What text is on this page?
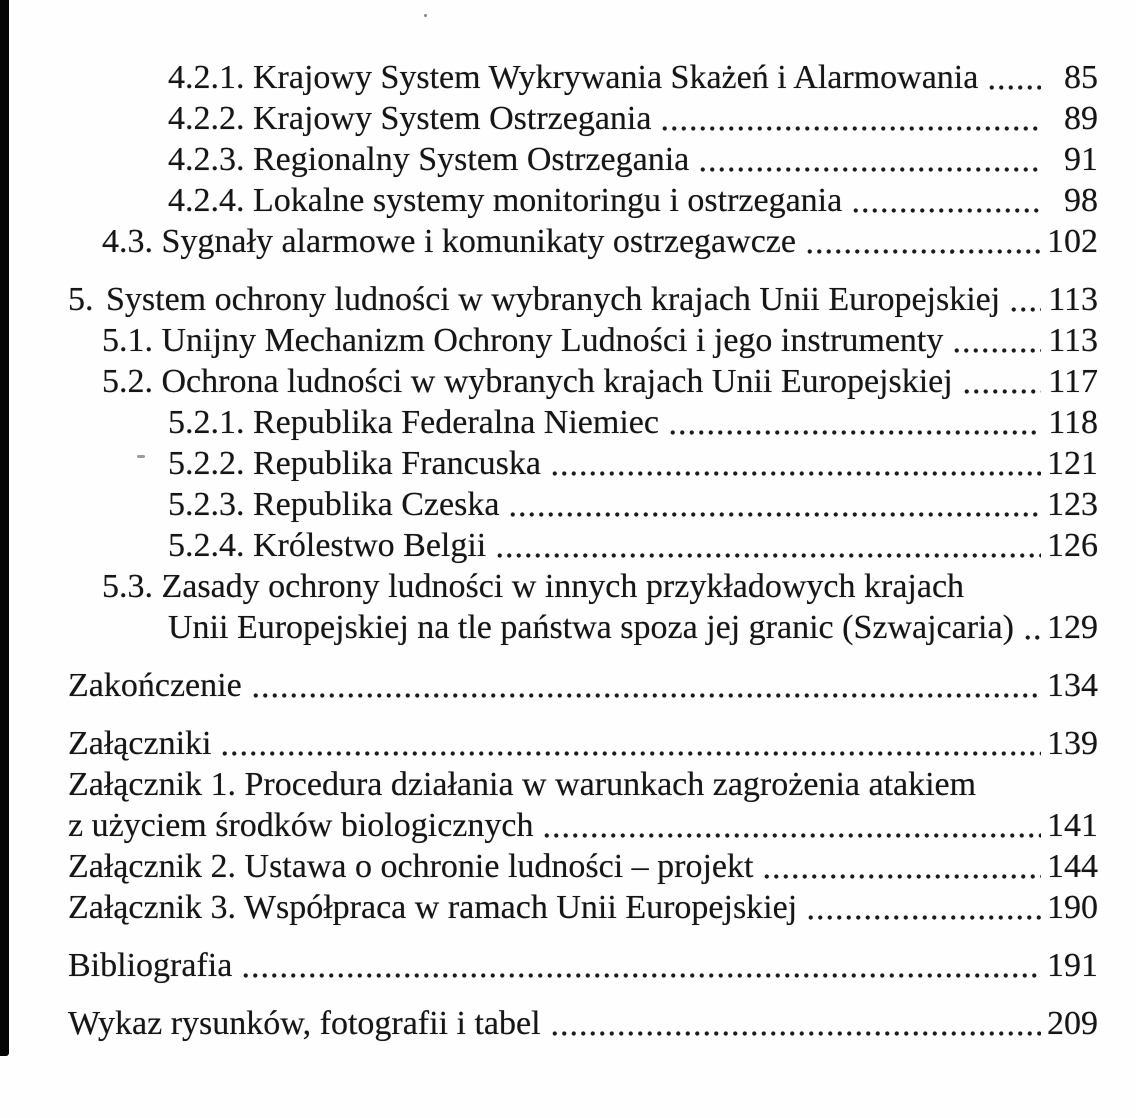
4.2.1. Krajowy System Wykrywania Skażeń i Alarmowania	85
4.2.2. Krajowy System Ostrzegania	89
4.2.3. Regionalny System Ostrzegania	91
4.2.4. Lokalne systemy monitoringu i ostrzegania	98
4.3. Sygnały alarmowe i komunikaty ostrzegawcze	102
5. System ochrony ludności w wybranych krajach Unii Europejskiej 113
5.1. Unijny Mechanizm Ochrony Ludności i jego instrumenty	113
5.2. Ochrona ludności w wybranych krajach Unii Europejskiej	117
5.2.1. Republika Federalna Niemiec	118
5.2.2. Republika Francuska	121
5.2.3. Republika Czeska	123
5.2.4. Królestwo Belgii	126
5.3. Zasady ochrony ludności w innych przykładowych krajach
Unii Europejskiej na tle państwa spoza jej granic (Szwajcaria) 129
Zakończenie	134
Załączniki	139
Załącznik 1. Procedura działania w warunkach zagrożenia atakiem
z użyciem środków biologicznych	141
Załącznik 2. Ustawa o ochronie ludności – projekt	144
Załącznik 3. Współpraca w ramach Unii Europejskiej	190
Bibliografia	191
Wykaz rysunków, fotografii i tabel	209
